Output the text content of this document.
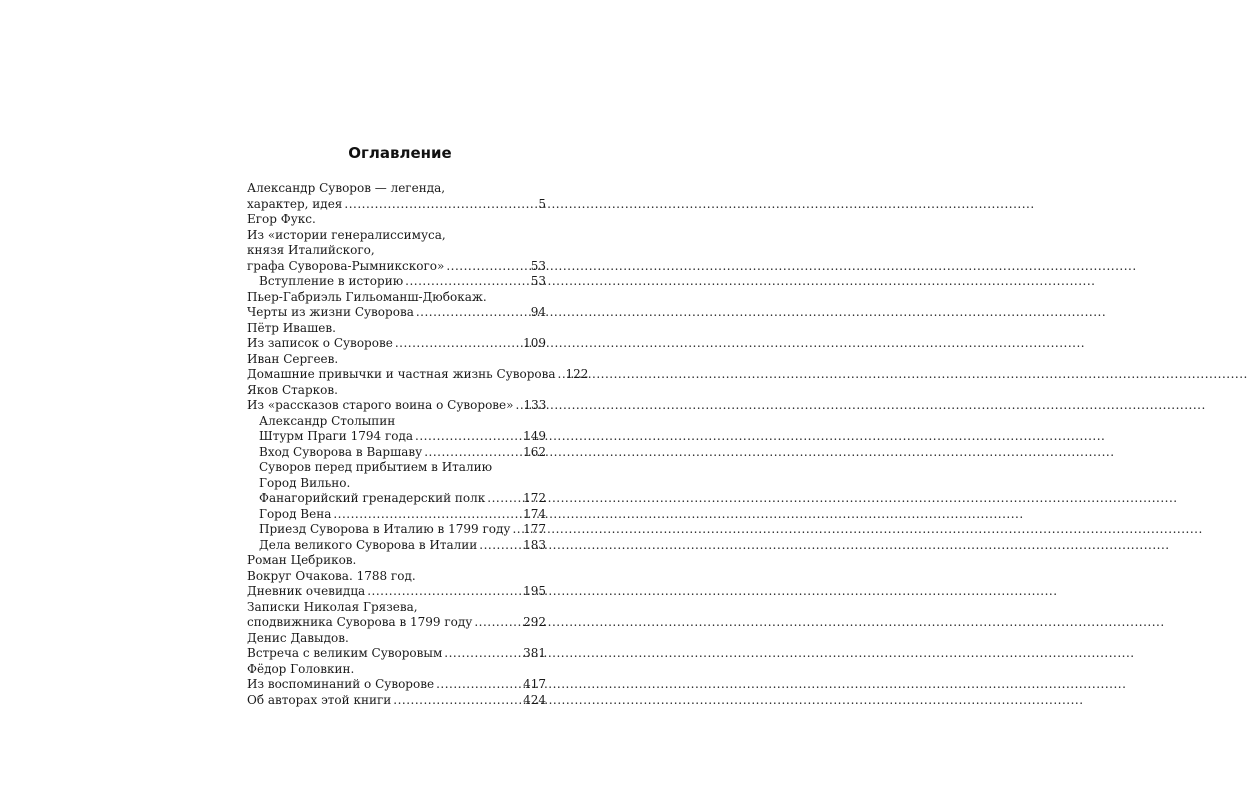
Оглавление
Александр Суворов — легенда,
характер, идея .....	5
Егор Фукс.
Из «истории генералиссимуса,
князя Италийского,
графа Суворова-Рымникского» .....	53
Вступление в историю .....	53
Пьер-Габриэль Гильоманш-Дюбокаж.
Черты из жизни Суворова .....	94
Пётр Ивашев.
Из записок о Суворове .....	109
Иван Сергеев.
Домашние привычки и частная жизнь Суворова ..... 122
Яков Старков.
Из «рассказов старого воина о Суворове» ..... 133
Александр Столыпин
Штурм Праги 1794 года .....	149
Вход Суворова в Варшаву .....	162
Суворов перед прибытием в Италию
Город Вильно.
Фанагорийский гренадерский полк .....	172
Город Вена .....	174
Приезд Суворова в Италию в 1799 году ..... 177
Дела великого Суворова в Италии .....	183
Роман Цебриков.
Вокруг Очакова. 1788 год.
Дневник очевидца .....	195
Записки Николая Грязева,
сподвижника Суворова в 1799 году .....	292
Денис Давыдов.
Встреча с великим Суворовым .....	381
Фёдор Головкин.
Из воспоминаний о Суворове .....	417
Об авторах этой книги .....	424
